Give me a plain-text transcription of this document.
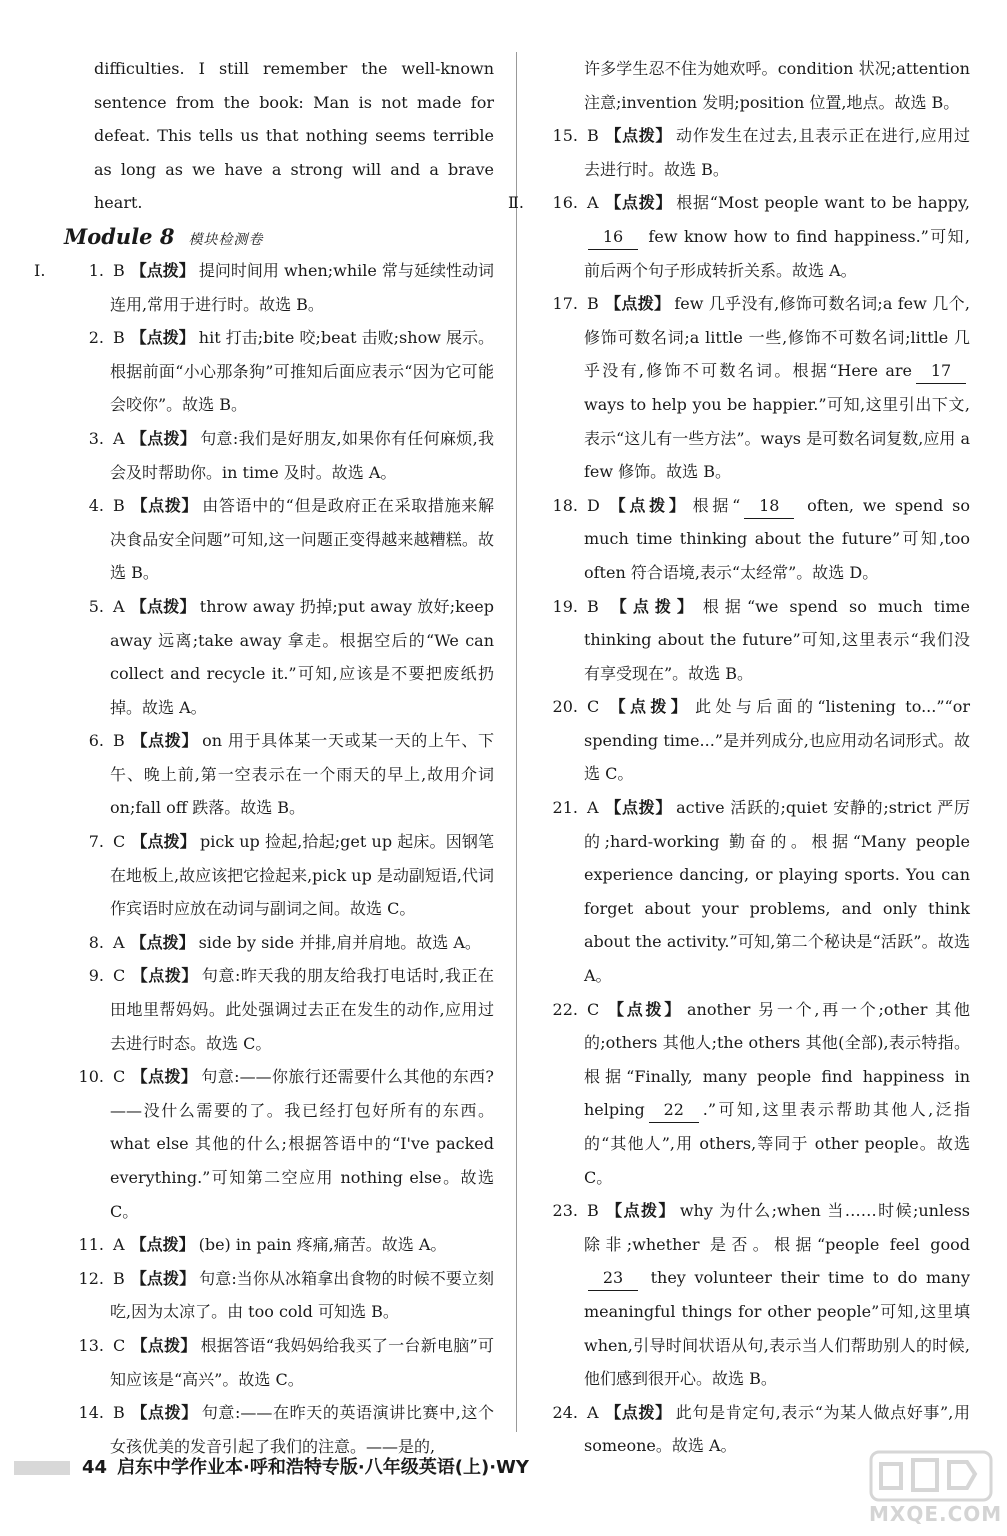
difficulties. I still remember the well-known sentence from the book: Man is not made for defeat. This tells us that nothing seems terrible as long as we have a strong will and a brave heart.

Module 8 模块检测卷

Ⅰ.	1. B 【点拨】 提问时间用 when;while 常与延续性动词连用,常用于进行时。故选 B。

2. B 【点拨】 hit 打击;bite 咬;beat 击败;show 展示。根据前面“小心那条狗”可推知后面应表示“因为它可能会咬你”。故选 B。

3. A 【点拨】 句意:我们是好朋友,如果你有任何麻烦,我会及时帮助你。in time 及时。故选 A。

4. B 【点拨】 由答语中的“但是政府正在采取措施来解决食品安全问题”可知,这一问题正变得越来越糟糕。故选 B。

5. A 【点拨】 throw away 扔掉;put away 放好;keep away 远离;take away 拿走。根据空后的“We can collect and recycle it.”可知,应该是不要把废纸扔掉。故选 A。

6. B 【点拨】 on 用于具体某一天或某一天的上午、下午、晚上前,第一空表示在一个雨天的早上,故用介词 on;fall off 跌落。故选 B。

7. C 【点拨】 pick up 捡起,拾起;get up 起床。因钢笔在地板上,故应该把它捡起来,pick up 是动副短语,代词作宾语时应放在动词与副词之间。故选 C。

8. A 【点拨】 side by side 并排,肩并肩地。故选 A。

9. C 【点拨】 句意:昨天我的朋友给我打电话时,我正在田地里帮妈妈。此处强调过去正在发生的动作,应用过去进行时态。故选 C。

10. C 【点拨】 句意:——你旅行还需要什么其他的东西? ——没什么需要的了。我已经打包好所有的东西。what else 其他的什么;根据答语中的“I've packed everything.”可知第二空应用 nothing else。故选 C。

11. A 【点拨】 (be) in pain 疼痛,痛苦。故选 A。

12. B 【点拨】 句意:当你从冰箱拿出食物的时候不要立刻吃,因为太凉了。由 too cold 可知选 B。

13. C 【点拨】 根据答语“我妈妈给我买了一台新电脑”可知应该是“高兴”。故选 C。

14. B 【点拨】 句意:——在昨天的英语演讲比赛中,这个女孩优美的发音引起了我们的注意。——是的,

许多学生忍不住为她欢呼。condition 状况;attention 注意;invention 发明;position 位置,地点。故选 B。

15. B 【点拨】 动作发生在过去,且表示正在进行,应用过去进行时。故选 B。

Ⅱ. 16. A 【点拨】 根据“Most people want to be happy,16 few know how to find happiness.”可知,前后两个句子形成转折关系。故选 A。

17. B 【点拨】 few 几乎没有,修饰可数名词;a few 几个,修饰可数名词;a little 一些,修饰不可数名词;little 几乎没有,修饰不可数名词。根据“Here are 17 ways to help you be happier.”可知,这里引出下文,表示“这儿有一些方法”。ways 是可数名词复数,应用 a few 修饰。故选 B。

18. D 【点拨】 根据“ 18 often, we spend so much time thinking about the future”可知,too often 符合语境,表示“太经常”。故选 D。

19. B 【点拨】 根据“we spend so much time thinking about the future”可知,这里表示“我们没有享受现在”。故选 B。

20. C 【点拨】 此处与后面的“listening to...”“or spending time...”是并列成分,也应用动名词形式。故选 C。

21. A 【点拨】 active 活跃的;quiet 安静的;strict 严厉的;hard-working 勤奋的。根据“Many people experience dancing, or playing sports. You can forget about your problems, and only think about the activity.”可知,第二个秘诀是“活跃”。故选 A。

22. C 【点拨】 another 另一个,再一个;other 其他的;others 其他人;the others 其他(全部),表示特指。根据“Finally, many people find happiness in helping 22 .”可知,这里表示帮助其他人,泛指的“其他人”,用 others,等同于 other people。故选 C。

23. B 【点拨】 why 为什么;when 当……时候;unless 除非;whether 是否。根据“people feel good23 they volunteer their time to do many meaningful things for other people”可知,这里填 when,引导时间状语从句,表示当人们帮助别人的时候,他们感到很开心。故选 B。

24. A 【点拨】 此句是肯定句,表示“为某人做点好事”,用 someone。故选 A。

44 启东中学作业本·呼和浩特专版·八年级英语(上)·WY
MXQE.COM
